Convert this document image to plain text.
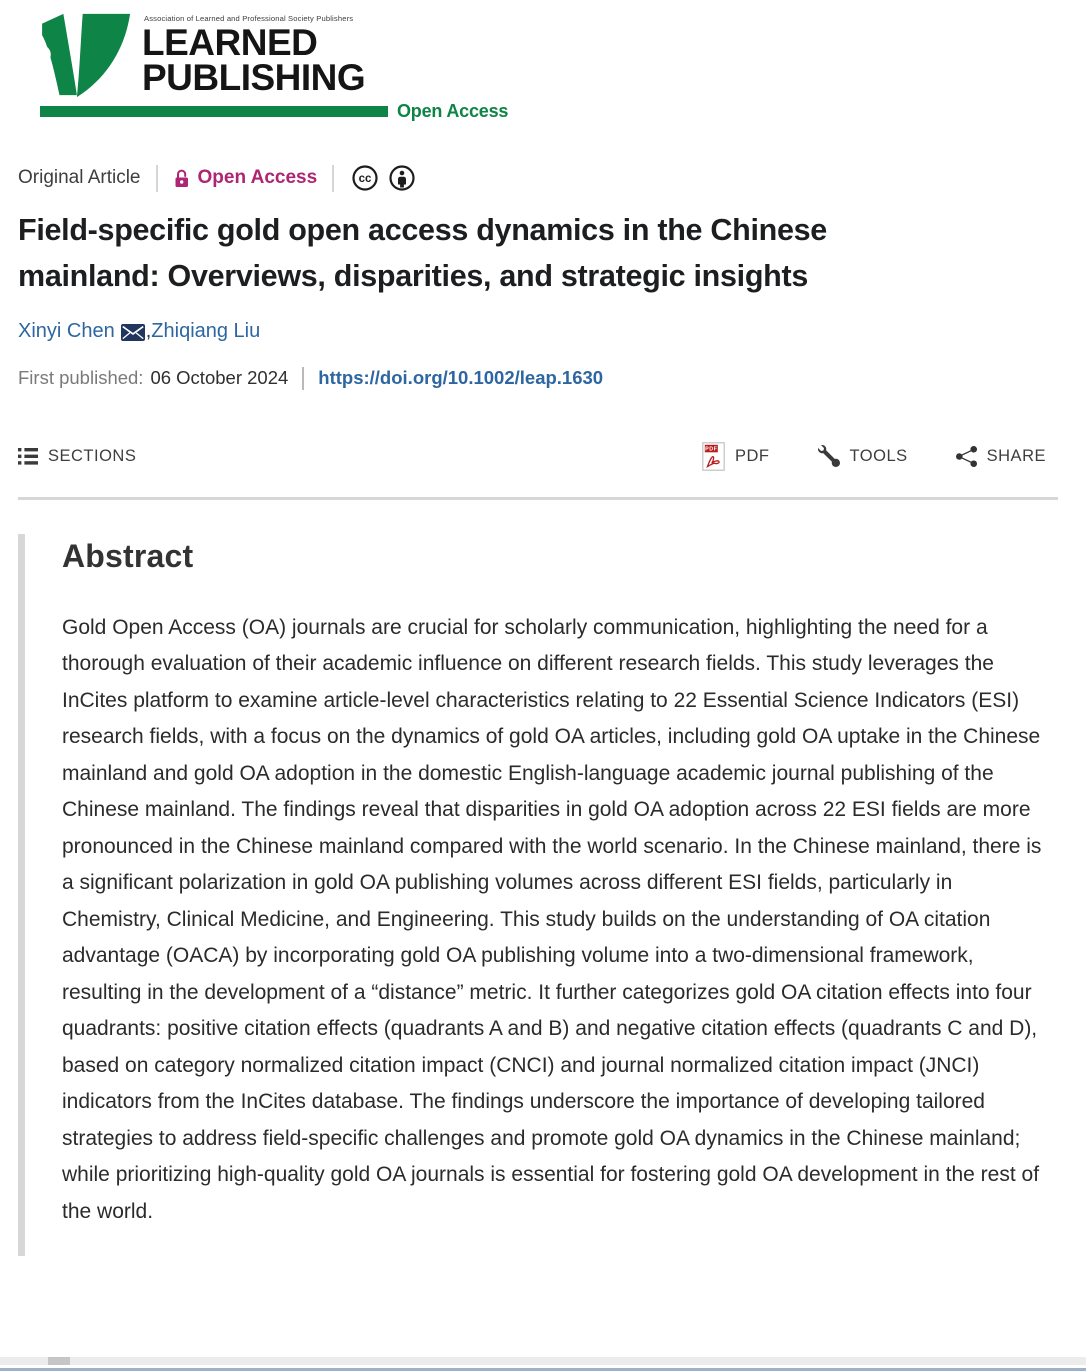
Association of Learned and Professional Society Publishers
LEARNED
PUBLISHING
Open Access
Original Article	Open Access	cc
Field-specific gold open access dynamics in the Chinese mainland: Overviews, disparities, and strategic insights
Xinyi Chen , Zhiqiang Liu
First published: 06 October 2024 https://doi.org/10.1002/leap.1630
SECTIONS	PDF PDF	TOOLS	SHARE
Abstract

Gold Open Access (OA) journals are crucial for scholarly communication, highlighting the need for a thorough evaluation of their academic influence on different research fields. This study leverages the InCites platform to examine article-level characteristics relating to 22 Essential Science Indicators (ESI) research fields, with a focus on the dynamics of gold OA articles, including gold OA uptake in the Chinese mainland and gold OA adoption in the domestic English-language academic journal publishing of the Chinese mainland. The findings reveal that disparities in gold OA adoption across 22 ESI fields are more pronounced in the Chinese mainland compared with the world scenario. In the Chinese mainland, there is a significant polarization in gold OA publishing volumes across different ESI fields, particularly in Chemistry, Clinical Medicine, and Engineering. This study builds on the understanding of OA citation advantage (OACA) by incorporating gold OA publishing volume into a two-dimensional framework, resulting in the development of a “distance” metric. It further categorizes gold OA citation effects into four quadrants: positive citation effects (quadrants A and B) and negative citation effects (quadrants C and D), based on category normalized citation impact (CNCI) and journal normalized citation impact (JNCI) indicators from the InCites database. The findings underscore the importance of developing tailored strategies to address field-specific challenges and promote gold OA dynamics in the Chinese mainland; while prioritizing high-quality gold OA journals is essential for fostering gold OA development in the rest of the world.
